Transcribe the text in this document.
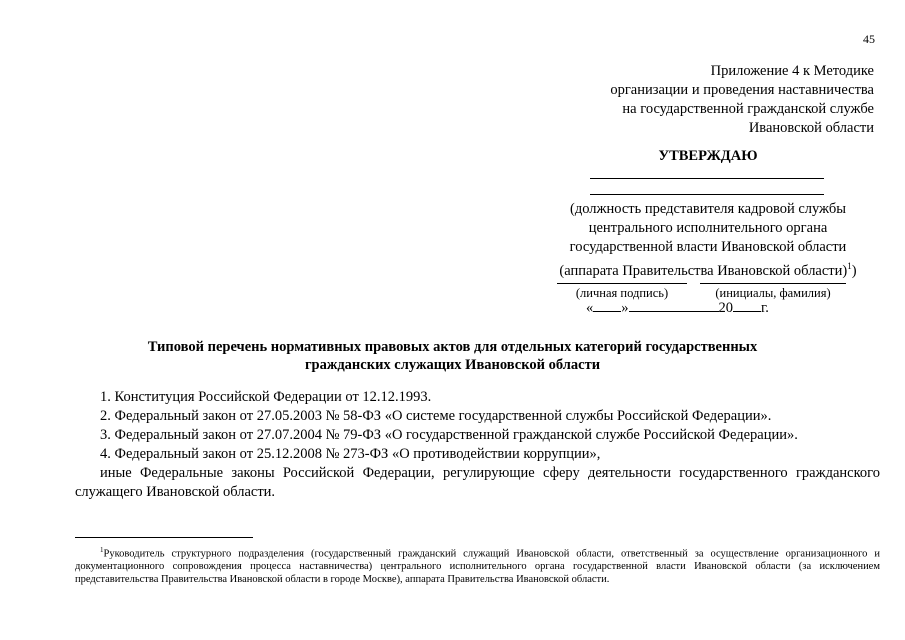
45
Приложение 4 к Методике
организации и проведения наставничества
на государственной гражданской службе
Ивановской области
УТВЕРЖДАЮ
(должность представителя кадровой службы
центрального исполнительного органа
государственной власти Ивановской области
(аппарата Правительства Ивановской области)$^1$)
(личная подпись)	(инициалы, фамилия)
« »	20 г.
Типовой перечень нормативных правовых актов для отдельных категорий государственных
гражданских служащих Ивановской области

1. Конституция Российской Федерации от 12.12.1993.

2. Федеральный закон от 27.05.2003 № 58-ФЗ «О системе государственной службы Российской Федерации».

3. Федеральный закон от 27.07.2004 № 79-ФЗ «О государственной гражданской службе Российской Федерации».

4. Федеральный закон от 25.12.2008 № 273-ФЗ «О противодействии коррупции»,

иные Федеральные законы Российской Федерации, регулирующие сферу деятельности государственного гражданского служащего Ивановской области.

$^1$Руководитель структурного подразделения (государственный гражданский служащий Ивановской области, ответственный за осуществление организационного и документационного сопровождения процесса наставничества) центрального исполнительного органа государственной власти Ивановской области (за исключением представительства Правительства Ивановской области в городе Москве), аппарата Правительства Ивановской области.
